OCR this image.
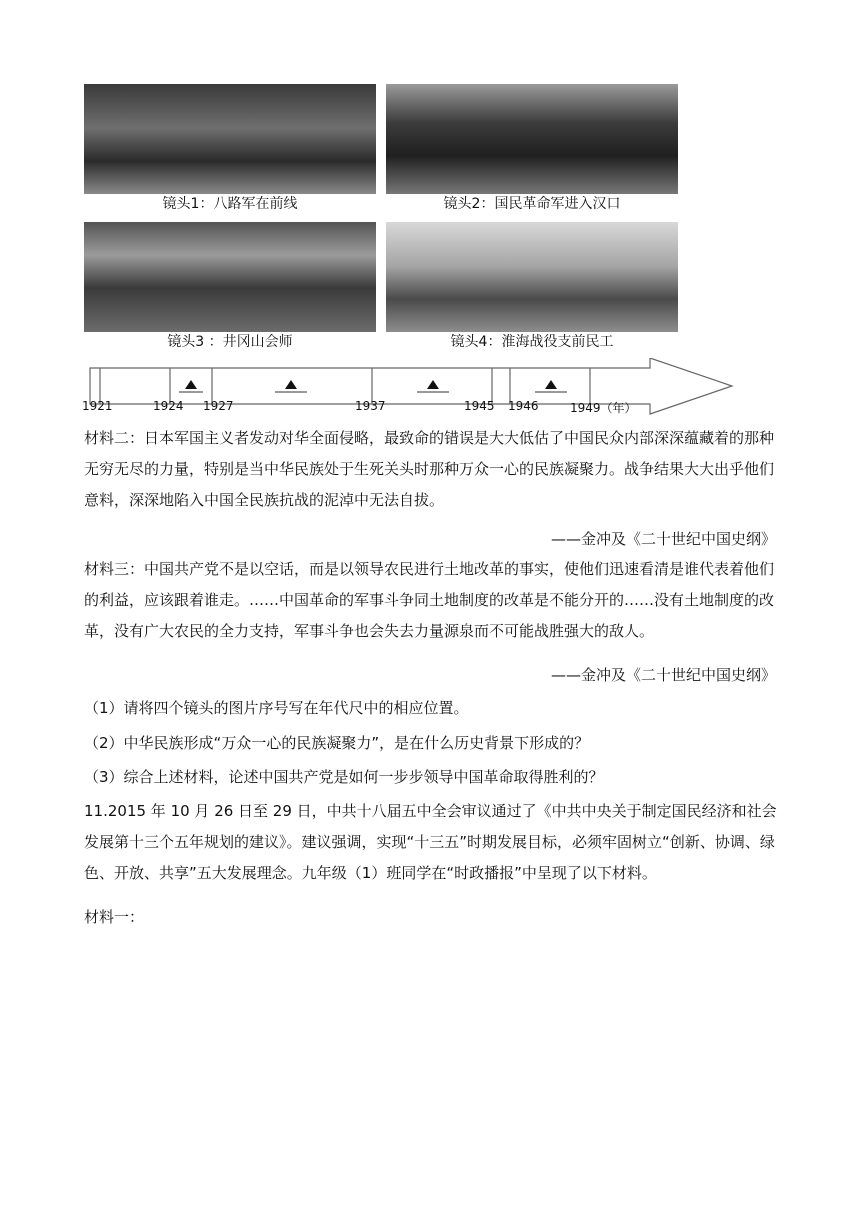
镜头1：八路军在前线	镜头2：国民革命军进入汉口
镜头3 ：井冈山会师	镜头4：淮海战役支前民工
1921	1924 1927	1937	1945 1946	1949（年）
材料二：日本军国主义者发动对华全面侵略，最致命的错误是大大低估了中国民众内部深深蕴藏着的那种无穷无尽的力量，特别是当中华民族处于生死关头时那种万众一心的民族凝聚力。战争结果大大出乎他们意料，深深地陷入中国全民族抗战的泥淖中无法自拔。
——金冲及《二十世纪中国史纲》
材料三：中国共产党不是以空话，而是以领导农民进行土地改革的事实，使他们迅速看清是谁代表着他们的利益，应该跟着谁走。……中国革命的军事斗争同土地制度的改革是不能分开的……没有土地制度的改革，没有广大农民的全力支持，军事斗争也会失去力量源泉而不可能战胜强大的敌人。
——金冲及《二十世纪中国史纲》
（1）请将四个镜头的图片序号写在年代尺中的相应位置。
（2）中华民族形成“万众一心的民族凝聚力”，是在什么历史背景下形成的？
（3）综合上述材料，论述中国共产党是如何一步步领导中国革命取得胜利的？
11.2015 年 10 月 26 日至 29 日，中共十八届五中全会审议通过了《中共中央关于制定国民经济和社会发展第十三个五年规划的建议》。建议强调，实现“十三五”时期发展目标，必须牢固树立“创新、协调、绿色、开放、共享”五大发展理念。九年级（1）班同学在“时政播报”中呈现了以下材料。
材料一：
